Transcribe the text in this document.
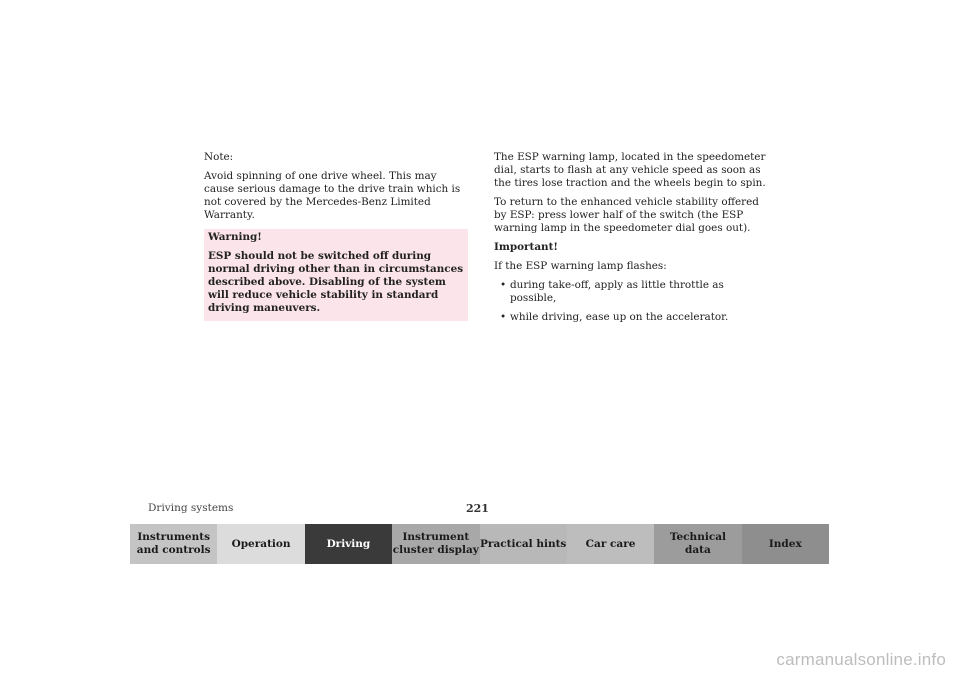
Note:

Avoid spinning of one drive wheel. This may cause serious damage to the drive train which is not covered by the Mercedes-Benz Limited Warranty.

Warning!

ESP should not be switched off during normal driving other than in circumstances described above. Disabling of the system will reduce vehicle stability in standard driving maneuvers.

The ESP warning lamp, located in the speedometer dial, starts to flash at any vehicle speed as soon as the tires lose traction and the wheels begin to spin.

To return to the enhanced vehicle stability offered by ESP: press lower half of the switch (the ESP warning lamp in the speedometer dial goes out).

Important!

If the ESP warning lamp flashes:

• during take-off, apply as little throttle as possible,
• while driving, ease up on the accelerator.
Driving systems	221
Instruments
and controls
Operation	Driving
Instrument
cluster display
Practical hints	Car care
Technical
data
Index
carmanualsonline.info
